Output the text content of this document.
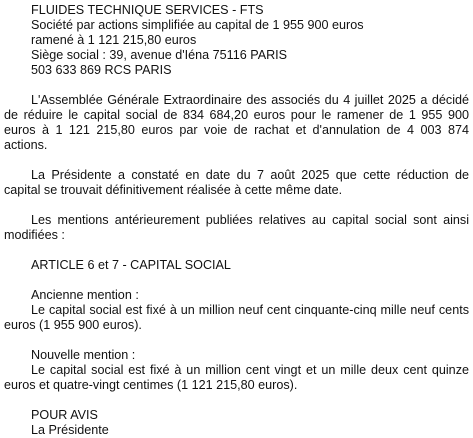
FLUIDES TECHNIQUE SERVICES - FTS
Société par actions simplifiée au capital de 1 955 900 euros
ramené à 1 121 215,80 euros
Siège social : 39, avenue d'Iéna 75116 PARIS
503 633 869 RCS PARIS

L'Assemblée Générale Extraordinaire des associés du 4 juillet 2025 a décidé de réduire le capital social de 834 684,20 euros pour le ramener de 1 955 900 euros à 1 121 215,80 euros par voie de rachat et d'annulation de 4 003 874 actions.

La Présidente a constaté en date du 7 août 2025 que cette réduction de capital se trouvait définitivement réalisée à cette même date.

Les mentions antérieurement publiées relatives au capital social sont ainsi modifiées :

ARTICLE 6 et 7 - CAPITAL SOCIAL
Ancienne mention :

Le capital social est fixé à un million neuf cent cinquante-cinq mille neuf cents euros (1 955 900 euros).

Nouvelle mention :

Le capital social est fixé à un million cent vingt et un mille deux cent quinze euros et quatre-vingt centimes (1 121 215,80 euros).

POUR AVIS
La Présidente
